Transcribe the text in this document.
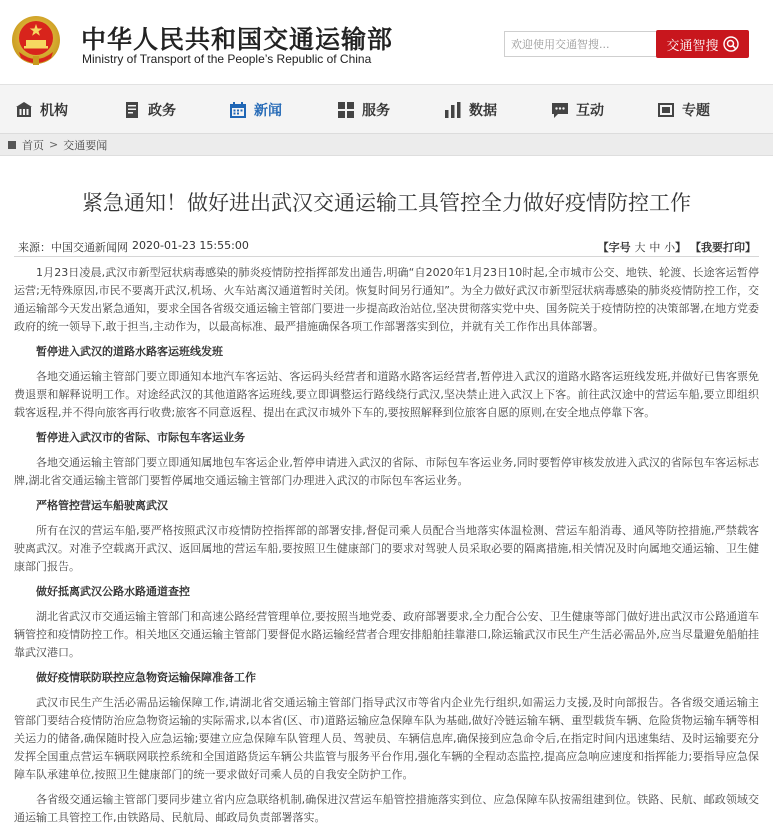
中华人民共和国交通运输部
Ministry of Transport of the People’s Republic of China
欢迎使用交通智搜...
交通智搜
机构	政务	新闻	服务	数据	互动	专题
首页 > 交通要闻
紧急通知！做好进出武汉交通运输工具管控全力做好疫情防控工作
来源：中国交通新闻网 2020-01-23 15:55:00	【字号 大 中 小】 【我要打印】

1月23日凌晨,武汉市新型冠状病毒感染的肺炎疫情防控指挥部发出通告,明确“自2020年1月23日10时起,全市城市公交、地铁、轮渡、长途客运暂停运营;无特殊原因,市民不要离开武汉,机场、火车站离汉通道暂时关闭。恢复时间另行通知”。为全力做好武汉市新型冠状病毒感染的肺炎疫情防控工作，交通运输部今天发出紧急通知，要求全国各省级交通运输主管部门要进一步提高政治站位,坚决贯彻落实党中央、国务院关于疫情防控的决策部署,在地方党委政府的统一领导下,敢于担当,主动作为，以最高标准、最严措施确保各项工作部署落实到位，并就有关工作作出具体部署。

暂停进入武汉的道路水路客运班线发班

各地交通运输主管部门要立即通知本地汽车客运站、客运码头经营者和道路水路客运经营者,暂停进入武汉的道路水路客运班线发班,并做好已售客票免费退票和解释说明工作。对途经武汉的其他道路客运班线,要立即调整运行路线绕行武汉,坚决禁止进入武汉上下客。前往武汉途中的营运车船,要立即组织载客返程,并不得向旅客再行收费;旅客不同意返程、提出在武汉市城外下车的,要按照解释到位旅客自愿的原则,在安全地点停靠下客。

暂停进入武汉市的省际、市际包车客运业务

各地交通运输主管部门要立即通知属地包车客运企业,暂停申请进入武汉的省际、市际包车客运业务,同时要暂停审核发放进入武汉的省际包车客运标志牌,湖北省交通运输主管部门要暂停属地交通运输主管部门办理进入武汉的市际包车客运业务。

严格管控营运车船驶离武汉

所有在汉的营运车船,要严格按照武汉市疫情防控指挥部的部署安排,督促司乘人员配合当地落实体温检测、营运车船消毒、通风等防控措施,严禁载客驶离武汉。对准予空载离开武汉、返回属地的营运车船,要按照卫生健康部门的要求对驾驶人员采取必要的隔离措施,相关情况及时向属地交通运输、卫生健康部门报告。

做好抵离武汉公路水路通道查控

湖北省武汉市交通运输主管部门和高速公路经营管理单位,要按照当地党委、政府部署要求,全力配合公安、卫生健康等部门做好进出武汉市公路通道车辆管控和疫情防控工作。相关地区交通运输主管部门要督促水路运输经营者合理安排船舶挂靠港口,除运输武汉市民生产生活必需品外,应当尽量避免船舶挂靠武汉港口。

做好疫情联防联控应急物资运输保障准备工作

武汉市民生产生活必需品运输保障工作,请湖北省交通运输主管部门指导武汉市等省内企业先行组织,如需运力支援,及时向部报告。各省级交通运输主管部门要结合疫情防治应急物资运输的实际需求,以本省(区、市)道路运输应急保障车队为基础,做好冷链运输车辆、重型载货车辆、危险货物运输车辆等相关运力的储备,确保随时投入应急运输;要建立应急保障车队管理人员、驾驶员、车辆信息库,确保接到应急命令后,在指定时间内迅速集结、及时运输要充分发挥全国重点营运车辆联网联控系统和全国道路货运车辆公共监管与服务平台作用,强化车辆的全程动态监控,提高应急响应速度和指挥能力;要指导应急保障车队承建单位,按照卫生健康部门的统一要求做好司乘人员的自我安全防护工作。

各省级交通运输主管部门要同步建立省内应急联络机制,确保进汉营运车船管控措施落实到位、应急保障车队按需组建到位。铁路、民航、邮政领域交通运输工具管控工作,由铁路局、民航局、邮政局负责部署落实。
